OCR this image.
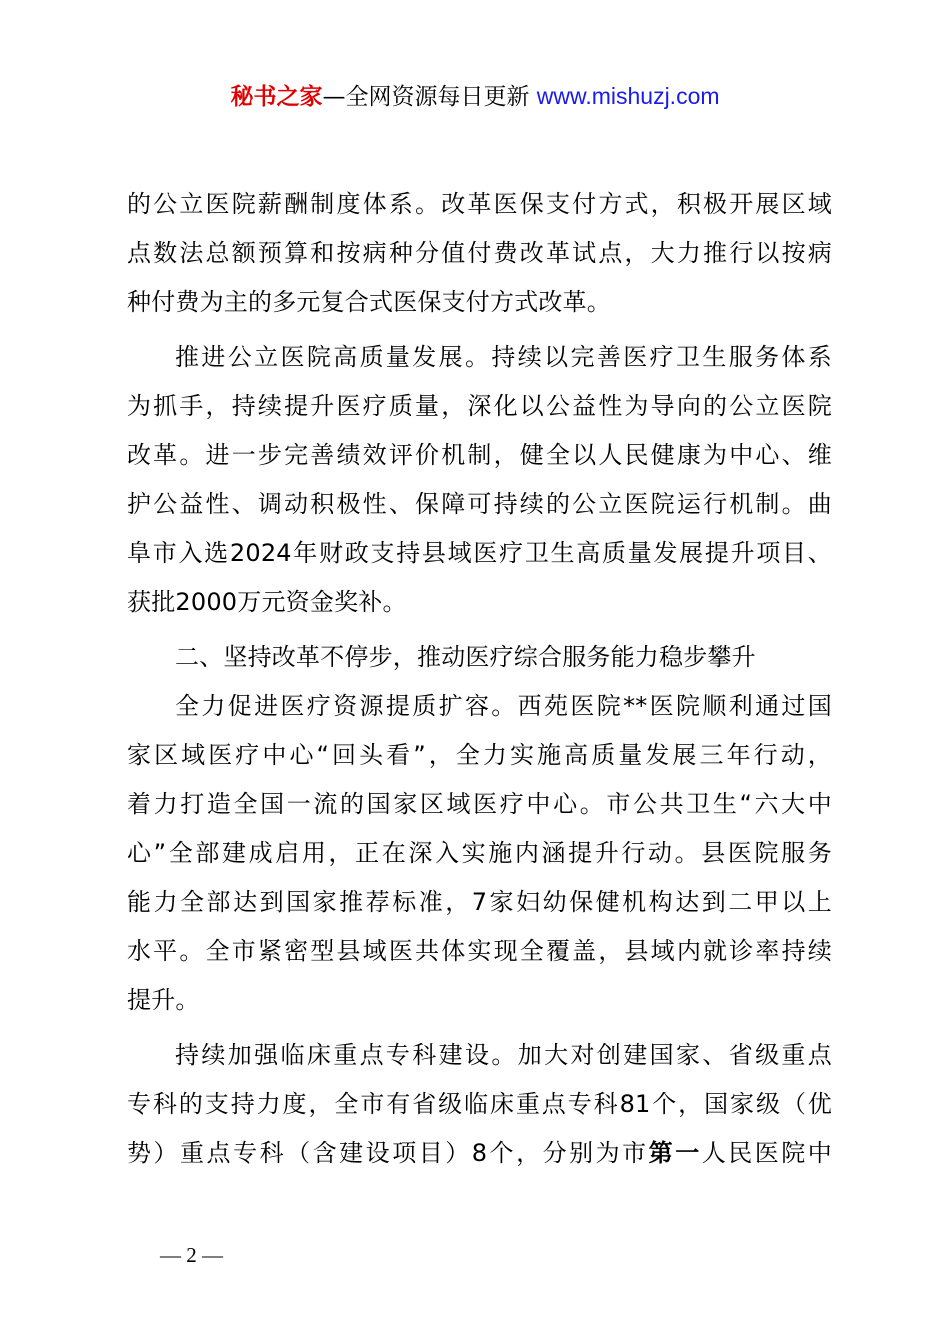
秘书之家—全网资源每日更新 www.mishuzj.com
的公立医院薪酬制度体系。改革医保支付方式，积极开展区域
点数法总额预算和按病种分值付费改革试点，大力推行以按病
种付费为主的多元复合式医保支付方式改革。
推进公立医院高质量发展。持续以完善医疗卫生服务体系
为抓手，持续提升医疗质量，深化以公益性为导向的公立医院
改革。进一步完善绩效评价机制，健全以人民健康为中心、维
护公益性、调动积极性、保障可持续的公立医院运行机制。曲
阜市入选2024年财政支持县域医疗卫生高质量发展提升项目、
获批2000万元资金奖补。
二、坚持改革不停步，推动医疗综合服务能力稳步攀升
全力促进医疗资源提质扩容。西苑医院**医院顺利通过国
家区域医疗中心“回头看”，全力实施高质量发展三年行动，
着力打造全国一流的国家区域医疗中心。市公共卫生“六大中
心”全部建成启用，正在深入实施内涵提升行动。县医院服务
能力全部达到国家推荐标准，7家妇幼保健机构达到二甲以上
水平。全市紧密型县域医共体实现全覆盖，县域内就诊率持续
提升。
持续加强临床重点专科建设。加大对创建国家、省级重点
专科的支持力度，全市有省级临床重点专科81个，国家级（优
势）重点专科（含建设项目）8个，分别为市第一人民医院中
— 2 —
